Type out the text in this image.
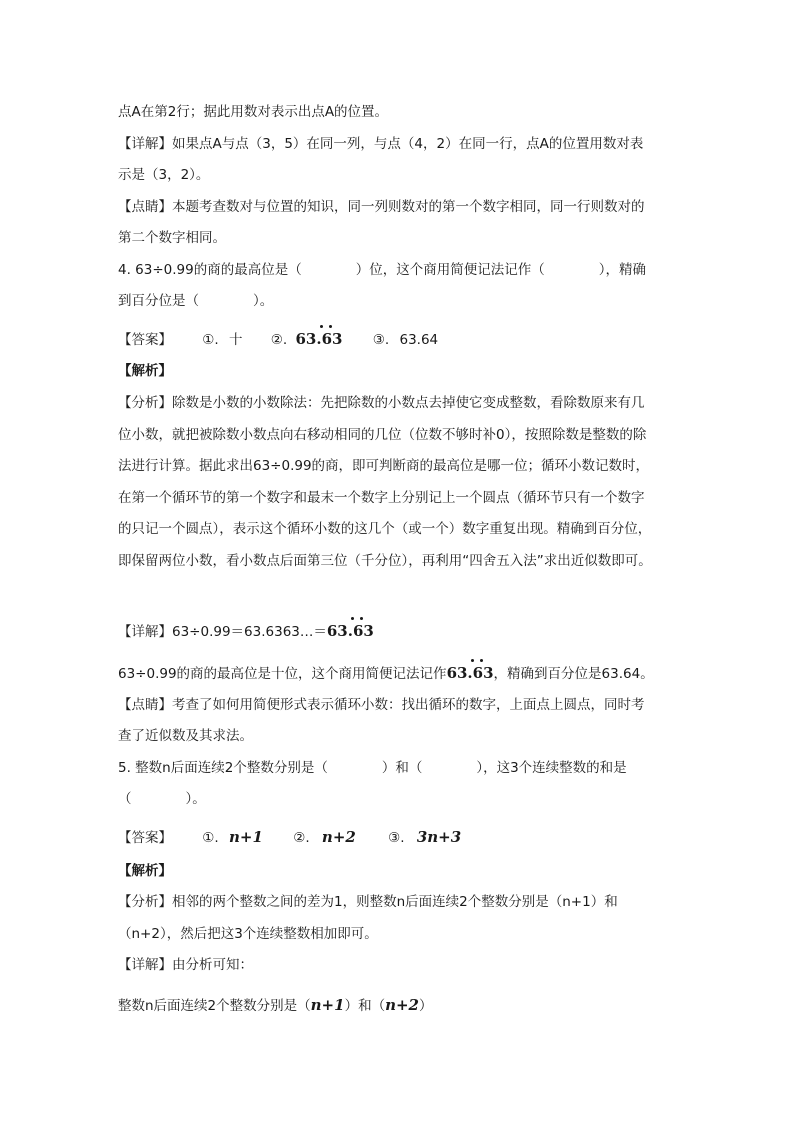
点A在第2行；据此用数对表示出点A的位置。
【详解】如果点A与点（3，5）在同一列，与点（4，2）在同一行，点A的位置用数对表
示是（3，2）。
【点睛】本题考查数对与位置的知识，同一列则数对的第一个数字相同，同一行则数对的
第二个数字相同。
4. 63÷0.99的商的最高位是（　　　　）位，这个商用简便记法记作（　　　　），精确
到百分位是（　　　　）。
【答案】 ①. 十 ②. 63.63 ③. 63.64
【解析】
【分析】除数是小数的小数除法：先把除数的小数点去掉使它变成整数，看除数原来有几
位小数，就把被除数小数点向右移动相同的几位（位数不够时补0），按照除数是整数的除
法进行计算。据此求出63÷0.99的商，即可判断商的最高位是哪一位；循环小数记数时，
在第一个循环节的第一个数字和最末一个数字上分别记上一个圆点（循环节只有一个数字
的只记一个圆点），表示这个循环小数的这几个（或一个）数字重复出现。精确到百分位，
即保留两位小数，看小数点后面第三位（千分位），再利用“四舍五入法”求出近似数即可。
【详解】63÷0.99＝63.6363…＝63.63
63÷0.99的商的最高位是十位，这个商用简便记法记作63.63
，精确到百分位是63.64。
【点睛】考查了如何用简便形式表示循环小数：找出循环的数字，上面点上圆点，同时考
查了近似数及其求法。
5. 整数n后面连续2个整数分别是（　　　　）和（　　　　），这3个连续整数的和是
（　　　　）。
【答案】 ①. n+1 ②. n+2 ③. 3n+3
【解析】
【分析】相邻的两个整数之间的差为1，则整数n后面连续2个整数分别是（n+1）和
（n+2），然后把这3个连续整数相加即可。
【详解】由分析可知：
整数n后面连续2个整数分别是（n+1）和（n+2）
